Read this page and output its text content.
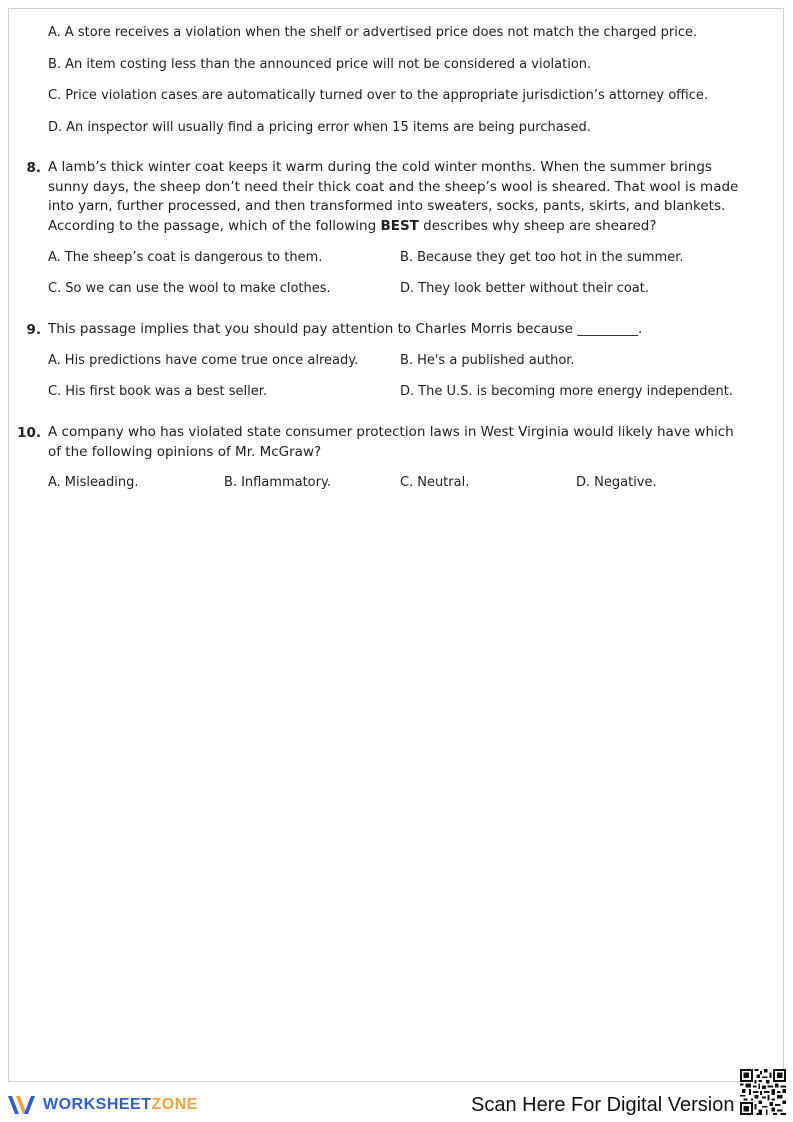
A. A store receives a violation when the shelf or advertised price does not match the charged price.
B. An item costing less than the announced price will not be considered a violation.
C. Price violation cases are automatically turned over to the appropriate jurisdiction’s attorney office.
D. An inspector will usually find a pricing error when 15 items are being purchased.
8. A lamb’s thick winter coat keeps it warm during the cold winter months. When the summer brings sunny days, the sheep don’t need their thick coat and the sheep’s wool is sheared. That wool is made into yarn, further processed, and then transformed into sweaters, socks, pants, skirts, and blankets. According to the passage, which of the following BEST describes why sheep are sheared?
A. The sheep’s coat is dangerous to them.	B. Because they get too hot in the summer.
C. So we can use the wool to make clothes.	D. They look better without their coat.
9. This passage implies that you should pay attention to Charles Morris because _________.
A. His predictions have come true once already.	B. He's a published author.
C. His first book was a best seller.	D. The U.S. is becoming more energy independent.
10. A company who has violated state consumer protection laws in West Virginia would likely have which of the following opinions of Mr. McGraw?
A. Misleading.	B. Inflammatory.	C. Neutral.	D. Negative.
WORKSHEETZONE	Scan Here For Digital Version
